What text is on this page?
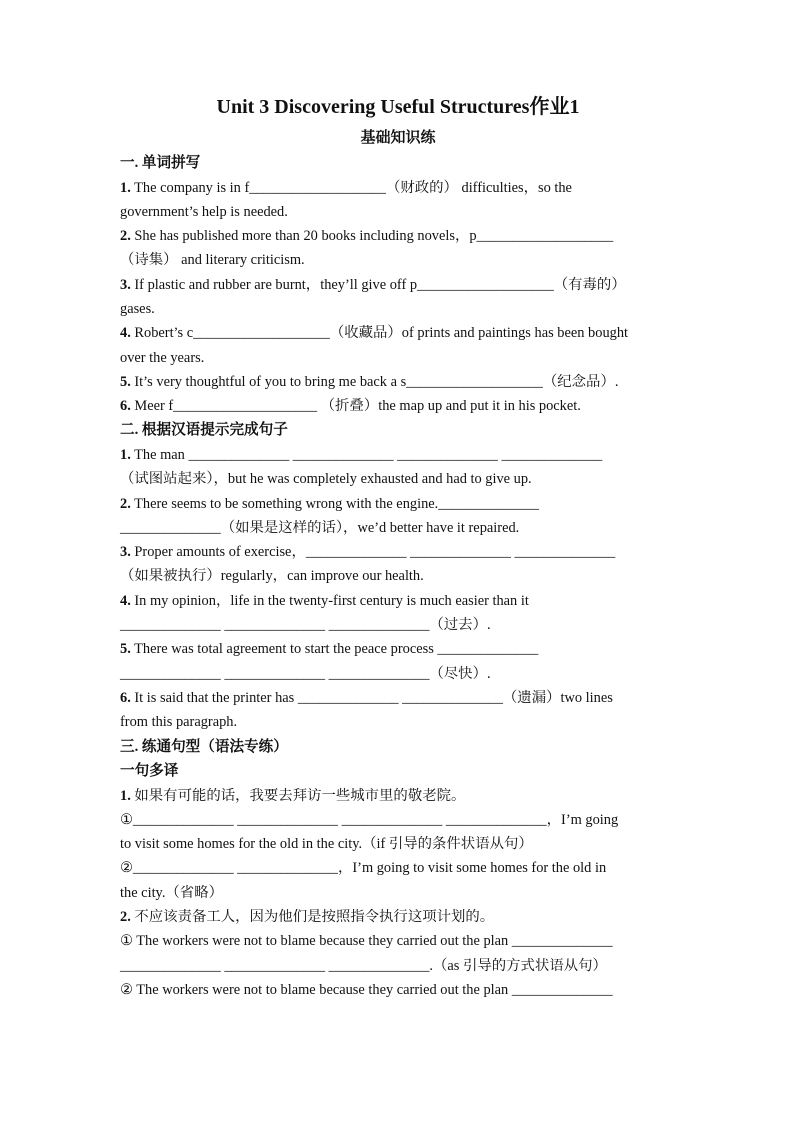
Unit 3 Discovering Useful Structures作业1

基础知识练

一. 单词拼写

1. The company is in f___________________（财政的） difficulties，so the
government’s help is needed.

2. She has published more than 20 books including novels，p___________________
（诗集） and literary criticism.

3. If plastic and rubber are burnt，they’ll give off p___________________（有毒的）
gases.

4. Robert’s c___________________（收藏品）of prints and paintings has been bought
over the years.

5. It’s very thoughtful of you to bring me back a s___________________（纪念品）.

6. Meer f____________________ （折叠）the map up and put it in his pocket.

二. 根据汉语提示完成句子

1. The man ______________ ______________ ______________ ______________
（试图站起来），but he was completely exhausted and had to give up.

2. There seems to be something wrong with the engine.______________
______________（如果是这样的话），we’d better have it repaired.

3. Proper amounts of exercise，______________ ______________ ______________
（如果被执行）regularly，can improve our health.

4. In my opinion，life in the twenty-first century is much easier than it
______________ ______________ ______________（过去）.

5. There was total agreement to start the peace process ______________
______________ ______________ ______________（尽快）.

6. It is said that the printer has ______________ ______________（遗漏）two lines
from this paragraph.

三. 练通句型（语法专练）

一句多译

1. 如果有可能的话，我要去拜访一些城市里的敬老院。

①______________ ______________ ______________ ______________，I’m going
to visit some homes for the old in the city.（if 引导的条件状语从句）

②______________ ______________，I’m going to visit some homes for the old in
the city.（省略）

2. 不应该责备工人，因为他们是按照指令执行这项计划的。

① The workers were not to blame because they carried out the plan ______________
______________ ______________ ______________.（as 引导的方式状语从句）

② The workers were not to blame because they carried out the plan ______________
